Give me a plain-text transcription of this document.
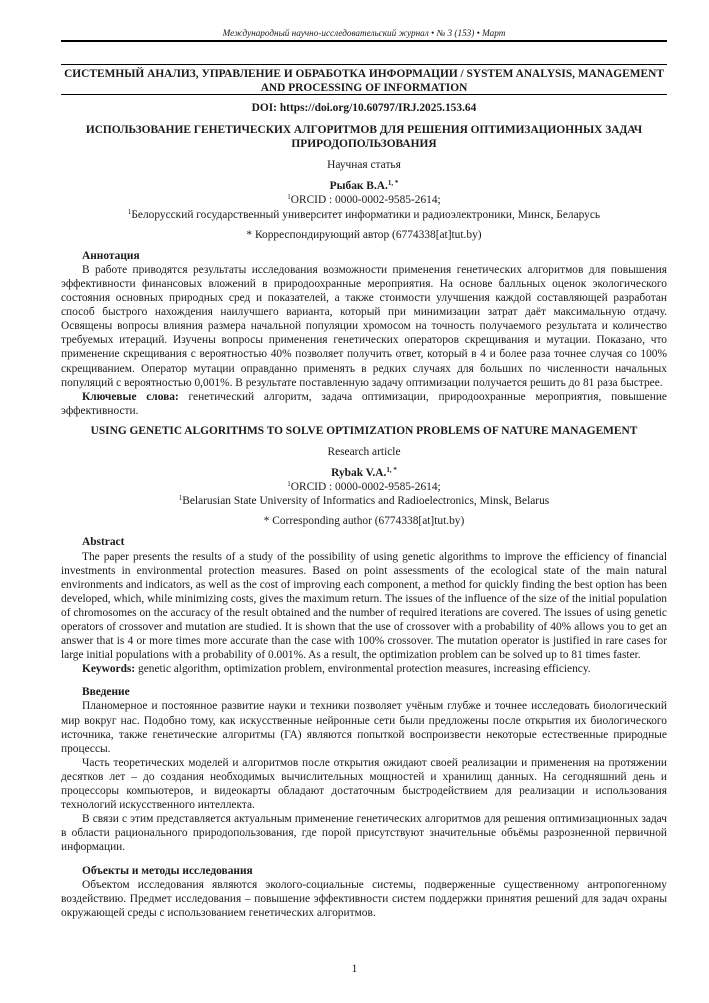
Международный научно-исследовательский журнал • № 3 (153) • Март
СИСТЕМНЫЙ АНАЛИЗ, УПРАВЛЕНИЕ И ОБРАБОТКА ИНФОРМАЦИИ / SYSTEM ANALYSIS, MANAGEMENT AND PROCESSING OF INFORMATION

DOI: https://doi.org/10.60797/IRJ.2025.153.64

ИСПОЛЬЗОВАНИЕ ГЕНЕТИЧЕСКИХ АЛГОРИТМОВ ДЛЯ РЕШЕНИЯ ОПТИМИЗАЦИОННЫХ ЗАДАЧ ПРИРОДОПОЛЬЗОВАНИЯ

Научная статья

Рыбак В.А.$^{1, *}$

$^1$ORCID : 0000-0002-9585-2614;

$^1$Белорусский государственный университет информатики и радиоэлектроники, Минск, Беларусь

* Корреспондирующий автор (6774338[at]tut.by)

Аннотация

В работе приводятся результаты исследования возможности применения генетических алгоритмов для повышения эффективности финансовых вложений в природоохранные мероприятия. На основе балльных оценок экологического состояния основных природных сред и показателей, а также стоимости улучшения каждой составляющей разработан способ быстрого нахождения наилучшего варианта, который при минимизации затрат даёт максимальную отдачу. Освящены вопросы влияния размера начальной популяции хромосом на точность получаемого результата и количество требуемых итераций. Изучены вопросы применения генетических операторов скрещивания и мутации. Показано, что применение скрещивания с вероятностью 40% позволяет получить ответ, который в 4 и более раза точнее случая со 100% скрещиванием. Оператор мутации оправданно применять в редких случаях для больших по численности начальных популяций с вероятностью 0,001%. В результате поставленную задачу оптимизации получается решить до 81 раза быстрее.

Ключевые слова: генетический алгоритм, задача оптимизации, природоохранные мероприятия, повышение эффективности.

USING GENETIC ALGORITHMS TO SOLVE OPTIMIZATION PROBLEMS OF NATURE MANAGEMENT

Research article

Rybak V.A.$^{1, *}$

$^1$ORCID : 0000-0002-9585-2614;

$^1$Belarusian State University of Informatics and Radioelectronics, Minsk, Belarus

* Corresponding author (6774338[at]tut.by)

Abstract

The paper presents the results of a study of the possibility of using genetic algorithms to improve the efficiency of financial investments in environmental protection measures. Based on point assessments of the ecological state of the main natural environments and indicators, as well as the cost of improving each component, a method for quickly finding the best option has been developed, which, while minimizing costs, gives the maximum return. The issues of the influence of the size of the initial population of chromosomes on the accuracy of the result obtained and the number of required iterations are covered. The issues of using genetic operators of crossover and mutation are studied. It is shown that the use of crossover with a probability of 40% allows you to get an answer that is 4 or more times more accurate than the case with 100% crossover. The mutation operator is justified in rare cases for large initial populations with a probability of 0.001%. As a result, the optimization problem can be solved up to 81 times faster.

Keywords: genetic algorithm, optimization problem, environmental protection measures, increasing efficiency.

Введение

Планомерное и постоянное развитие науки и техники позволяет учёным глубже и точнее исследовать биологический мир вокруг нас. Подобно тому, как искусственные нейронные сети были предложены после открытия их биологического источника, также генетические алгоритмы (ГА) являются попыткой воспроизвести некоторые естественные природные процессы.

Часть теоретических моделей и алгоритмов после открытия ожидают своей реализации и применения на протяжении десятков лет – до создания необходимых вычислительных мощностей и хранилищ данных. На сегодняшний день и процессоры компьютеров, и видеокарты обладают достаточным быстродействием для реализации и использования технологий искусственного интеллекта.

В связи с этим представляется актуальным применение генетических алгоритмов для решения оптимизационных задач в области рационального природопользования, где порой присутствуют значительные объёмы разрозненной первичной информации.

Объекты и методы исследования

Объектом исследования являются эколого-социальные системы, подверженные существенному антропогенному воздействию. Предмет исследования – повышение эффективности систем поддержки принятия решений для задач охраны окружающей среды с использованием генетических алгоритмов.

1
